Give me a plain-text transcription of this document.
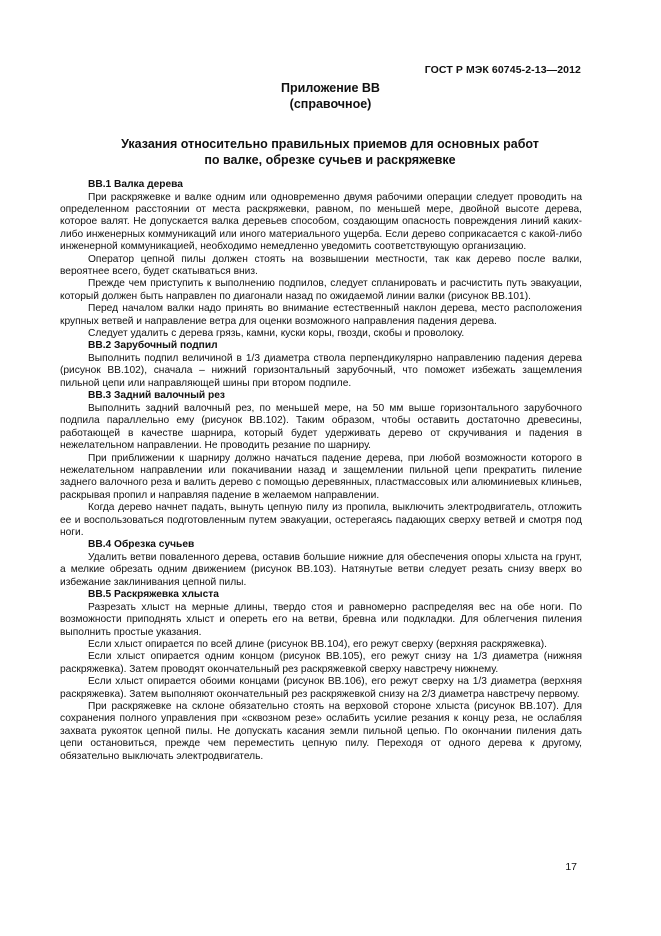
ГОСТ Р МЭК 60745-2-13—2012
Приложение ВВ
(справочное)
Указания относительно правильных приемов для основных работ
по валке, обрезке сучьев и раскряжевке
ВВ.1 Валка дерева

При раскряжевке и валке одним или одновременно двумя рабочими операции следует проводить на определенном расстоянии от места раскряжевки, равном, по меньшей мере, двойной высоте дерева, которое валят. Не допускается валка деревьев способом, создающим опасность повреждения линий каких-либо инженерных коммуникаций или иного материального ущерба. Если дерево соприкасается с какой-либо инженерной коммуникацией, необходимо немедленно уведомить соответствующую организацию.

Оператор цепной пилы должен стоять на возвышении местности, так как дерево после валки, вероятнее всего, будет скатываться вниз.

Прежде чем приступить к выполнению подпилов, следует спланировать и расчистить путь эвакуации, который должен быть направлен по диагонали назад по ожидаемой линии валки (рисунок ВВ.101).

Перед началом валки надо принять во внимание естественный наклон дерева, место расположения крупных ветвей и направление ветра для оценки возможного направления падения дерева.

Следует удалить с дерева грязь, камни, куски коры, гвозди, скобы и проволоку.

ВВ.2 Зарубочный подпил

Выполнить подпил величиной в 1/3 диаметра ствола перпендикулярно направлению падения дерева (рисунок ВВ.102), сначала – нижний горизонтальный зарубочный, что поможет избежать защемления пильной цепи или направляющей шины при втором подпиле.

ВВ.3 Задний валочный рез

Выполнить задний валочный рез, по меньшей мере, на 50 мм выше горизонтального зарубочного подпила параллельно ему (рисунок ВВ.102). Таким образом, чтобы оставить достаточно древесины, работающей в качестве шарнира, который будет удерживать дерево от скручивания и падения в нежелательном направлении. Не проводить резание по шарниру.

При приближении к шарниру должно начаться падение дерева, при любой возможности которого в нежелательном направлении или покачивании назад и защемлении пильной цепи прекратить пиление заднего валочного реза и валить дерево с помощью деревянных, пластмассовых или алюминиевых клиньев, раскрывая пропил и направляя падение в желаемом направлении.

Когда дерево начнет падать, вынуть цепную пилу из пропила, выключить электродвигатель, отложить ее и воспользоваться подготовленным путем эвакуации, остерегаясь падающих сверху ветвей и смотря под ноги.

ВВ.4 Обрезка сучьев

Удалить ветви поваленного дерева, оставив большие нижние для обеспечения опоры хлыста на грунт, а мелкие обрезать одним движением (рисунок ВВ.103). Натянутые ветви следует резать снизу вверх во избежание заклинивания цепной пилы.

ВВ.5 Раскряжевка хлыста

Разрезать хлыст на мерные длины, твердо стоя и равномерно распределяя вес на обе ноги. По возможности приподнять хлыст и опереть его на ветви, бревна или подкладки. Для облегчения пиления выполнить простые указания.

Если хлыст опирается по всей длине (рисунок ВВ.104), его режут сверху (верхняя раскряжевка).

Если хлыст опирается одним концом (рисунок ВВ.105), его режут снизу на 1/3 диаметра (нижняя раскряжевка). Затем проводят окончательный рез раскряжевкой сверху навстречу нижнему.

Если хлыст опирается обоими концами (рисунок ВВ.106), его режут сверху на 1/3 диаметра (верхняя раскряжевка). Затем выполняют окончательный рез раскряжевкой снизу на 2/3 диаметра навстречу первому.

При раскряжевке на склоне обязательно стоять на верховой стороне хлыста (рисунок ВВ.107). Для сохранения полного управления при «сквозном резе» ослабить усилие резания к концу реза, не ослабляя захвата рукояток цепной пилы. Не допускать касания земли пильной цепью. По окончании пиления дать цепи остановиться, прежде чем переместить цепную пилу. Переходя от одного дерева к другому, обязательно выключать электродвигатель.

17
